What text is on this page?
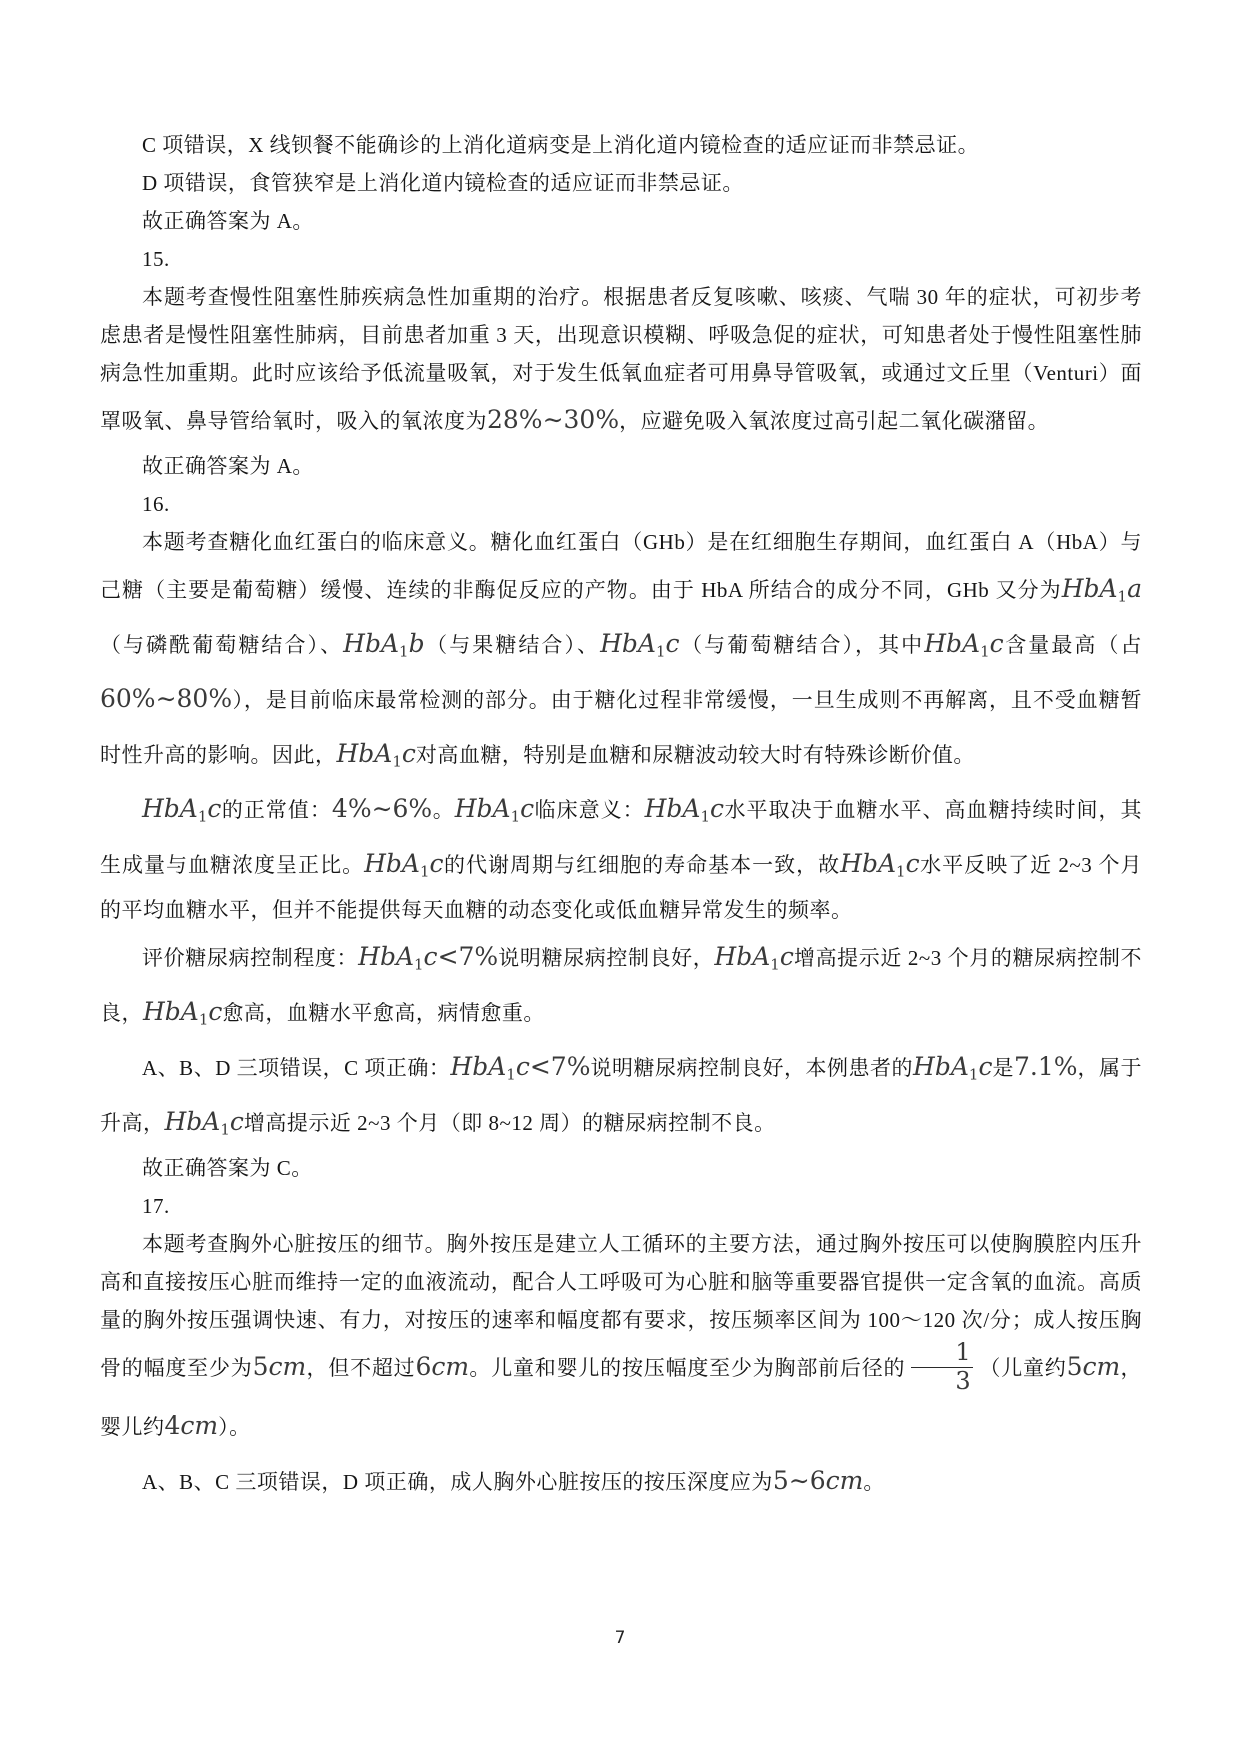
C 项错误，X 线钡餐不能确诊的上消化道病变是上消化道内镜检查的适应证而非禁忌证。

D 项错误，食管狭窄是上消化道内镜检查的适应证而非禁忌证。

故正确答案为 A。

15.

本题考查慢性阻塞性肺疾病急性加重期的治疗。根据患者反复咳嗽、咳痰、气喘 30 年的症状，可初步考虑患者是慢性阻塞性肺病，目前患者加重 3 天，出现意识模糊、呼吸急促的症状，可知患者处于慢性阻塞性肺病急性加重期。此时应该给予低流量吸氧，对于发生低氧血症者可用鼻导管吸氧，或通过文丘里（Venturi）面罩吸氧、鼻导管给氧时，吸入的氧浓度为28%∼30%，应避免吸入氧浓度过高引起二氧化碳潴留。

故正确答案为 A。

16.

本题考查糖化血红蛋白的临床意义。糖化血红蛋白（GHb）是在红细胞生存期间，血红蛋白 A（HbA）与己糖（主要是葡萄糖）缓慢、连续的非酶促反应的产物。由于 HbA 所结合的成分不同，GHb 又分为HbA$_1$a（与磷酰葡萄糖结合）、HbA$_1$b（与果糖结合）、HbA$_1$c（与葡萄糖结合），其中HbA$_1$c含量最高（占60%∼80%），是目前临床最常检测的部分。由于糖化过程非常缓慢，一旦生成则不再解离，且不受血糖暂时性升高的影响。因此，HbA$_1$c对高血糖，特别是血糖和尿糖波动较大时有特殊诊断价值。

HbA$_1$c的正常值：4%∼6%。HbA$_1$c临床意义：HbA$_1$c水平取决于血糖水平、高血糖持续时间，其生成量与血糖浓度呈正比。HbA$_1$c的代谢周期与红细胞的寿命基本一致，故HbA$_1$c水平反映了近 2~3 个月的平均血糖水平，但并不能提供每天血糖的动态变化或低血糖异常发生的频率。

评价糖尿病控制程度：HbA$_1$c<7%说明糖尿病控制良好，HbA$_1$c增高提示近 2~3 个月的糖尿病控制不良，HbA$_1$c愈高，血糖水平愈高，病情愈重。

A、B、D 三项错误，C 项正确：HbA$_1$c<7%说明糖尿病控制良好，本例患者的HbA$_1$c是7.1%，属于升高，HbA$_1$c增高提示近 2~3 个月（即 8~12 周）的糖尿病控制不良。

故正确答案为 C。

17.

本题考查胸外心脏按压的细节。胸外按压是建立人工循环的主要方法，通过胸外按压可以使胸膜腔内压升高和直接按压心脏而维持一定的血液流动，配合人工呼吸可为心脏和脑等重要器官提供一定含氧的血流。高质量的胸外按压强调快速、有力，对按压的速率和幅度都有要求，按压频率区间为 100～120 次/分；成人按压胸骨的幅度至少为5cm，但不超过6cm。儿童和婴儿的按压幅度至少为胸部前后径的 $\frac{1}{3}$ （儿童约5cm，婴儿约4cm）。

A、B、C 三项错误，D 项正确，成人胸外心脏按压的按压深度应为5∼6cm。

7
